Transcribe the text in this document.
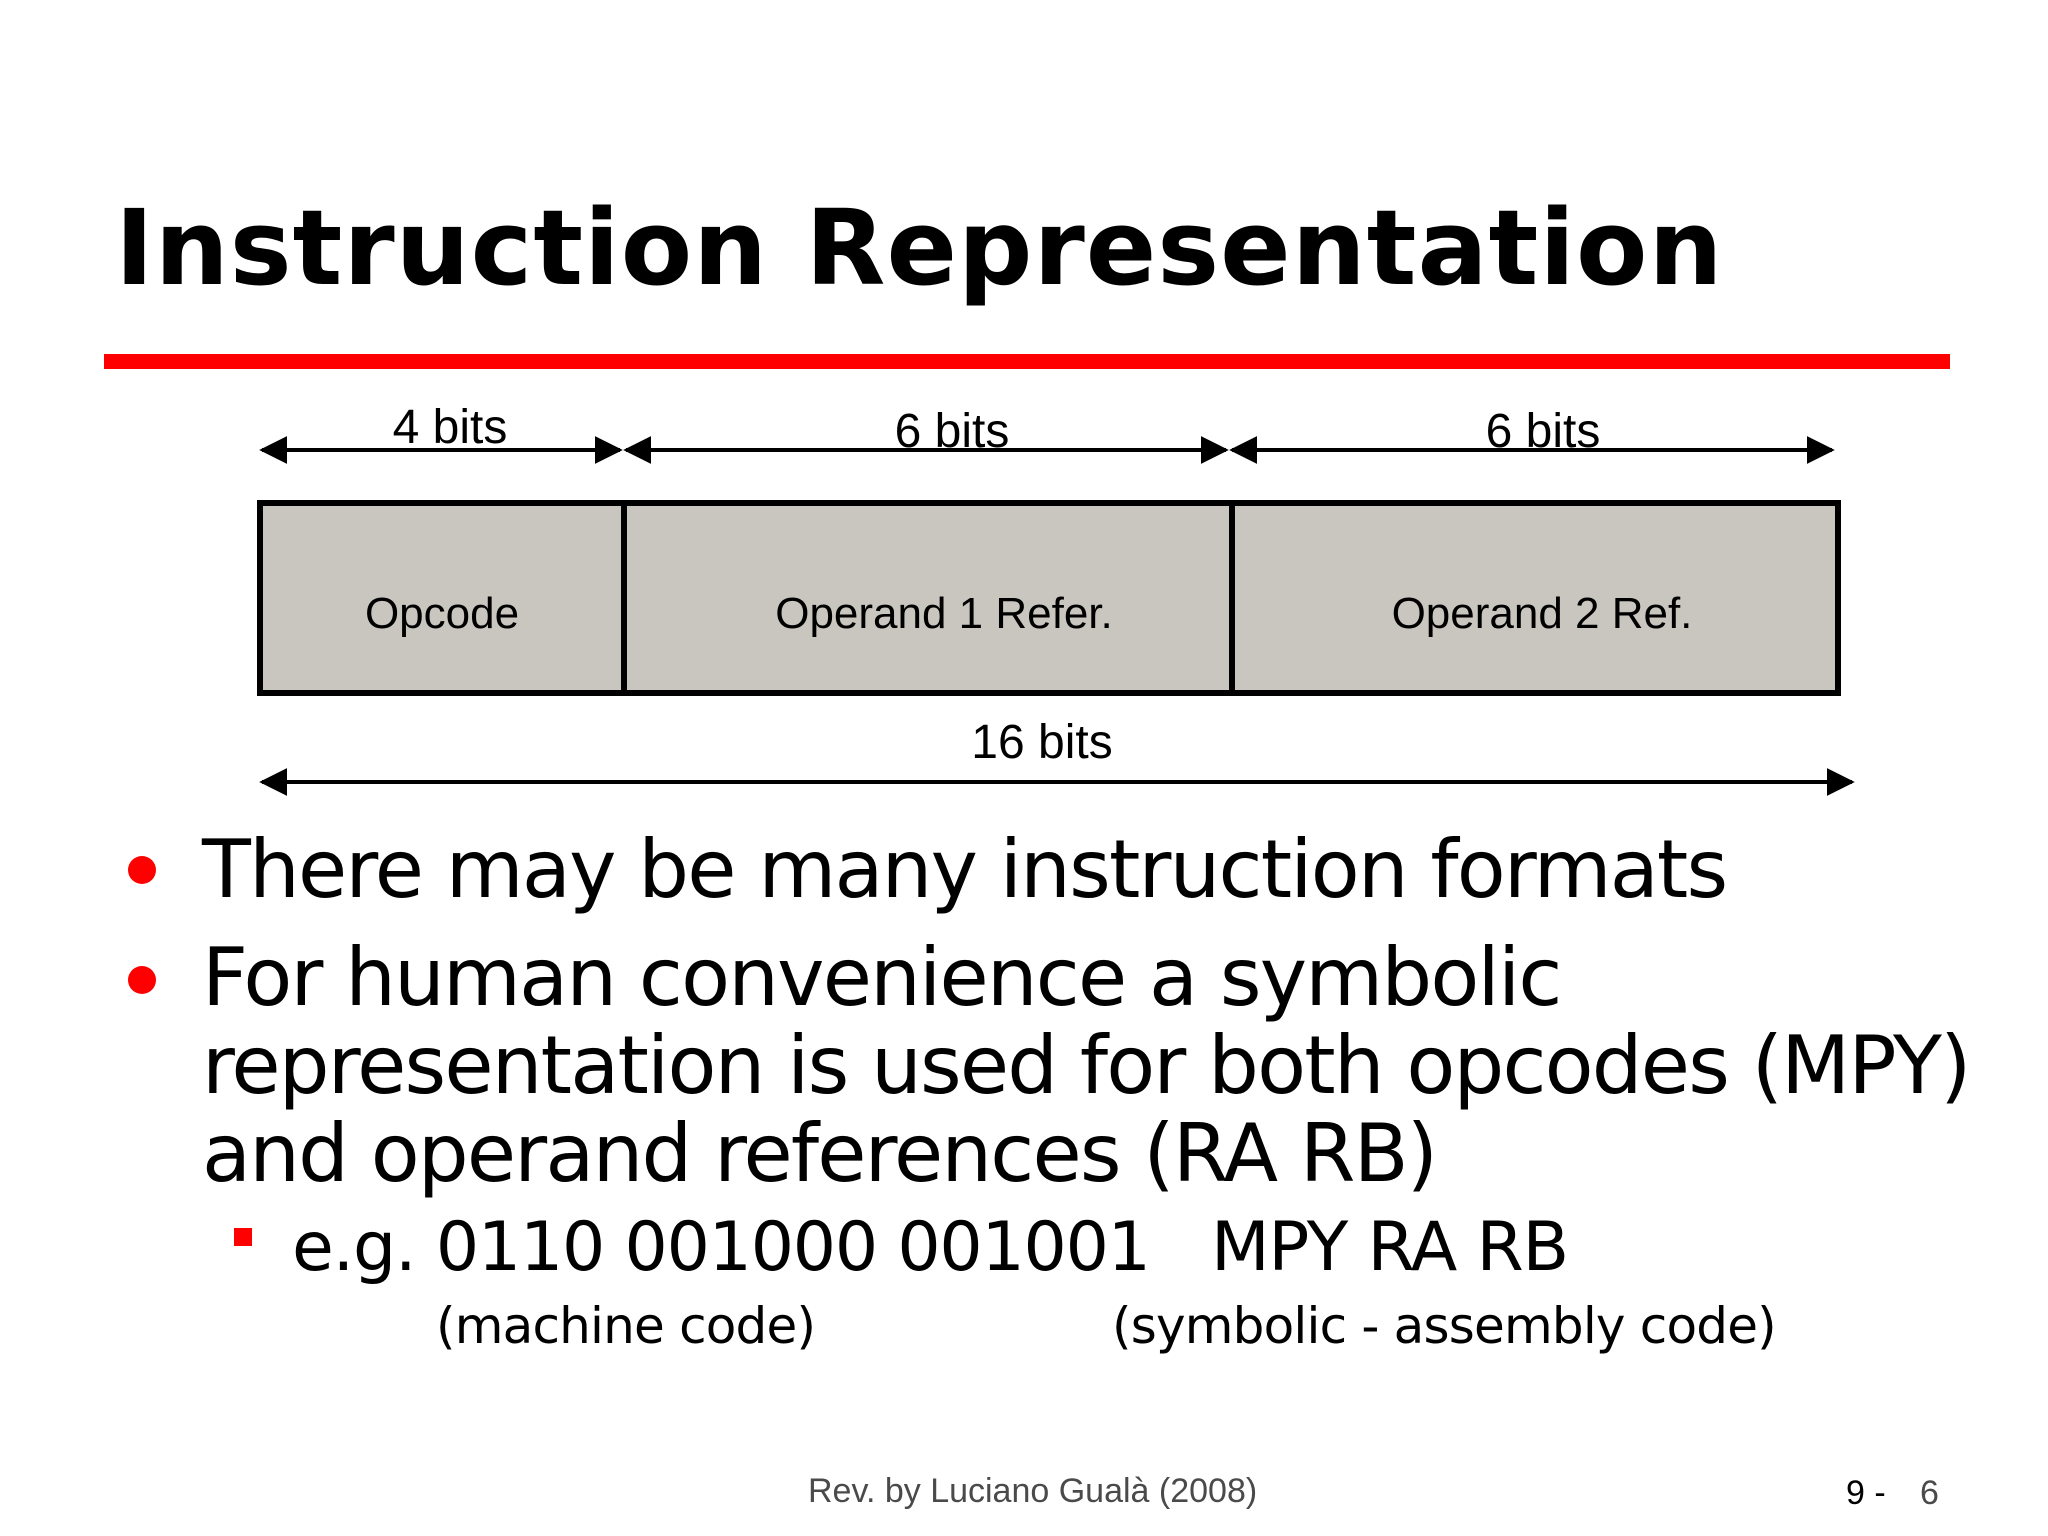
Instruction Representation
4 bits	6 bits	6 bits
Opcode	Operand 1 Refer.	Operand 2 Ref.
16 bits

There may be many instruction formats

For human convenience a symbolic
representation is used for both opcodes (MPY)
and operand references (RA RB)

e.g. 0110 001000 001001   MPY RA RB

(machine code)	(symbolic - assembly code)

Rev. by Luciano Gualà (2008)	9 - 6
